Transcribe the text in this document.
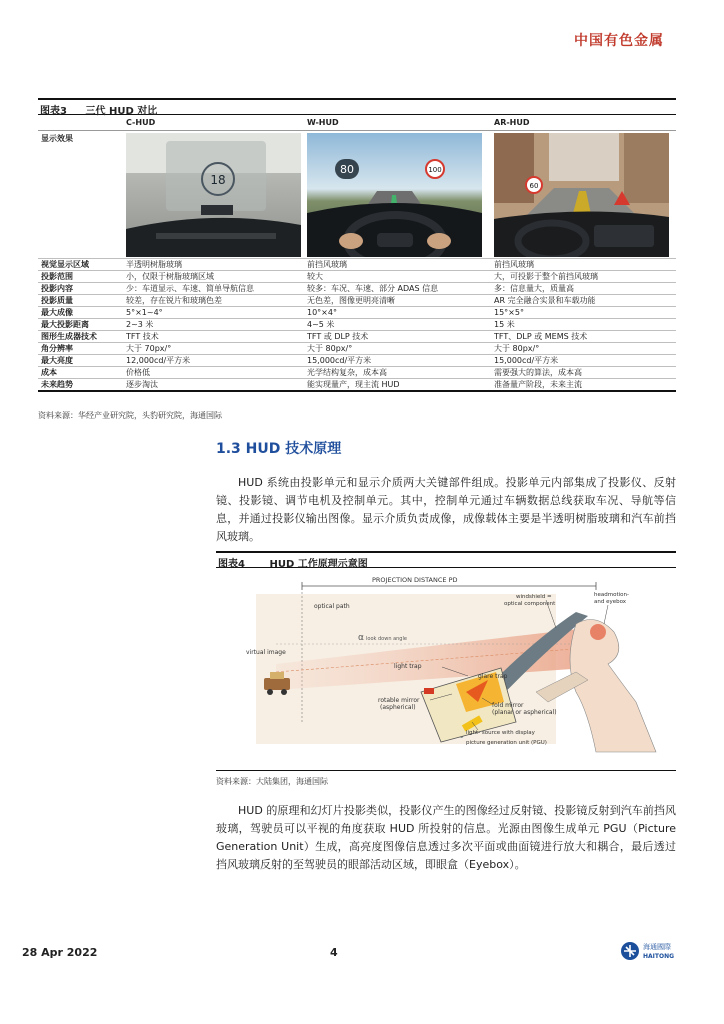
中国有色金属
图表3 三代 HUD 对比
	C-HUD	W-HUD	AR-HUD
显示效果	18	80 100	60

视觉显示区域	半透明树脂玻璃	前挡风玻璃	前挡风玻璃
投影范围	小，仅限于树脂玻璃区域	较大	大，可投影于整个前挡风玻璃
投影内容	少：车道显示、车速、简单导航信息	较多：车况、车速、部分 ADAS 信息	多：信息量大，质量高
投影质量	较差，存在锐片和玻璃色差	无色差，图像更明亮清晰	AR 完全融合实景和车载功能
最大成像	5°×1~4°	10°×4°	15°×5°
最大投影距离	2~3 米	4~5 米	15 米
图形生成器技术	TFT 技术	TFT 或 DLP 技术	TFT、DLP 或 MEMS 技术
角分辨率	大于 70px/°	大于 80px/°	大于 80px/°
最大亮度	12,000cd/平方米	15,000cd/平方米	15,000cd/平方米
成本	价格低	光学结构复杂，成本高	需要强大的算法，成本高
未来趋势	逐步淘汰	能实现量产，现主流 HUD	准备量产阶段，未来主流
资料来源：华经产业研究院，头豹研究院，海通国际
1.3 HUD 技术原理

HUD 系统由投影单元和显示介质两大关键部件组成。投影单元内部集成了投影仪、反射镜、投影镜、调节电机及控制单元。其中，控制单元通过车辆数据总线获取车况、导航等信息，并通过投影仪输出图像。显示介质负责成像，成像载体主要是半透明树脂玻璃和汽车前挡风玻璃。

图表4 HUD 工作原理示意图
PROJECTION DISTANCE PD
optical path
virtual image
α look down angle
windshield =
optical component
headmotion-
and eyebox
light trap
glare trap
rotable mirror
(aspherical)	fold mirror
(planar or aspherical)
light- source with display
picture generation unit (PGU)
资料来源：大陆集团，海通国际

HUD 的原理和幻灯片投影类似，投影仪产生的图像经过反射镜、投影镜反射到汽车前挡风玻璃，驾驶员可以平视的角度获取 HUD 所投射的信息。光源由图像生成单元 PGU（Picture Generation Unit）生成，高亮度图像信息透过多次平面或曲面镜进行放大和耦合，最后透过挡风玻璃反射的至驾驶员的眼部活动区域，即眼盒（Eyebox）。

28 Apr 2022	4	海通國際
HAITONG
